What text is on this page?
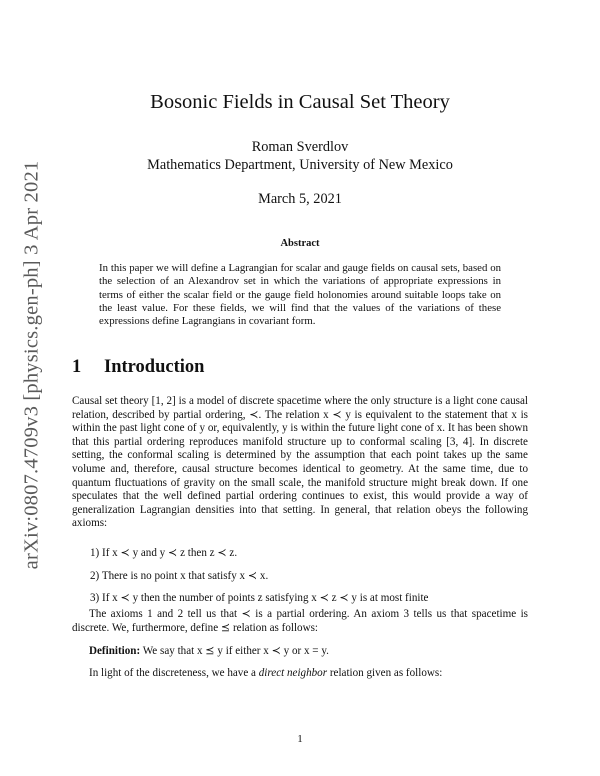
arXiv:0807.4709v3 [physics.gen-ph] 3 Apr 2021
Bosonic Fields in Causal Set Theory
Roman Sverdlov
Mathematics Department, University of New Mexico
March 5, 2021
Abstract
In this paper we will define a Lagrangian for scalar and gauge fields on causal sets, based on the selection of an Alexandrov set in which the variations of appropriate expressions in terms of either the scalar field or the gauge field holonomies around suitable loops take on the least value. For these fields, we will find that the values of the variations of these expressions define Lagrangians in covariant form.
1 Introduction
Causal set theory [1, 2] is a model of discrete spacetime where the only structure is a light cone causal relation, described by partial ordering, ≺. The relation x ≺ y is equivalent to the statement that x is within the past light cone of y or, equivalently, y is within the future light cone of x. It has been shown that this partial ordering reproduces manifold structure up to conformal scaling [3, 4]. In discrete setting, the conformal scaling is determined by the assumption that each point takes up the same volume and, therefore, causal structure becomes identical to geometry. At the same time, due to quantum fluctuations of gravity on the small scale, the manifold structure might break down. If one speculates that the well defined partial ordering continues to exist, this would provide a way of generalization Lagrangian densities into that setting. In general, that relation obeys the following axioms:
1) If x ≺ y and y ≺ z then z ≺ z.
2) There is no point x that satisfy x ≺ x.
3) If x ≺ y then the number of points z satisfying x ≺ z ≺ y is at most finite
The axioms 1 and 2 tell us that ≺ is a partial ordering. An axiom 3 tells us that spacetime is discrete. We, furthermore, define ⪯ relation as follows:
Definition: We say that x ⪯ y if either x ≺ y or x = y.
In light of the discreteness, we have a direct neighbor relation given as follows:
1
